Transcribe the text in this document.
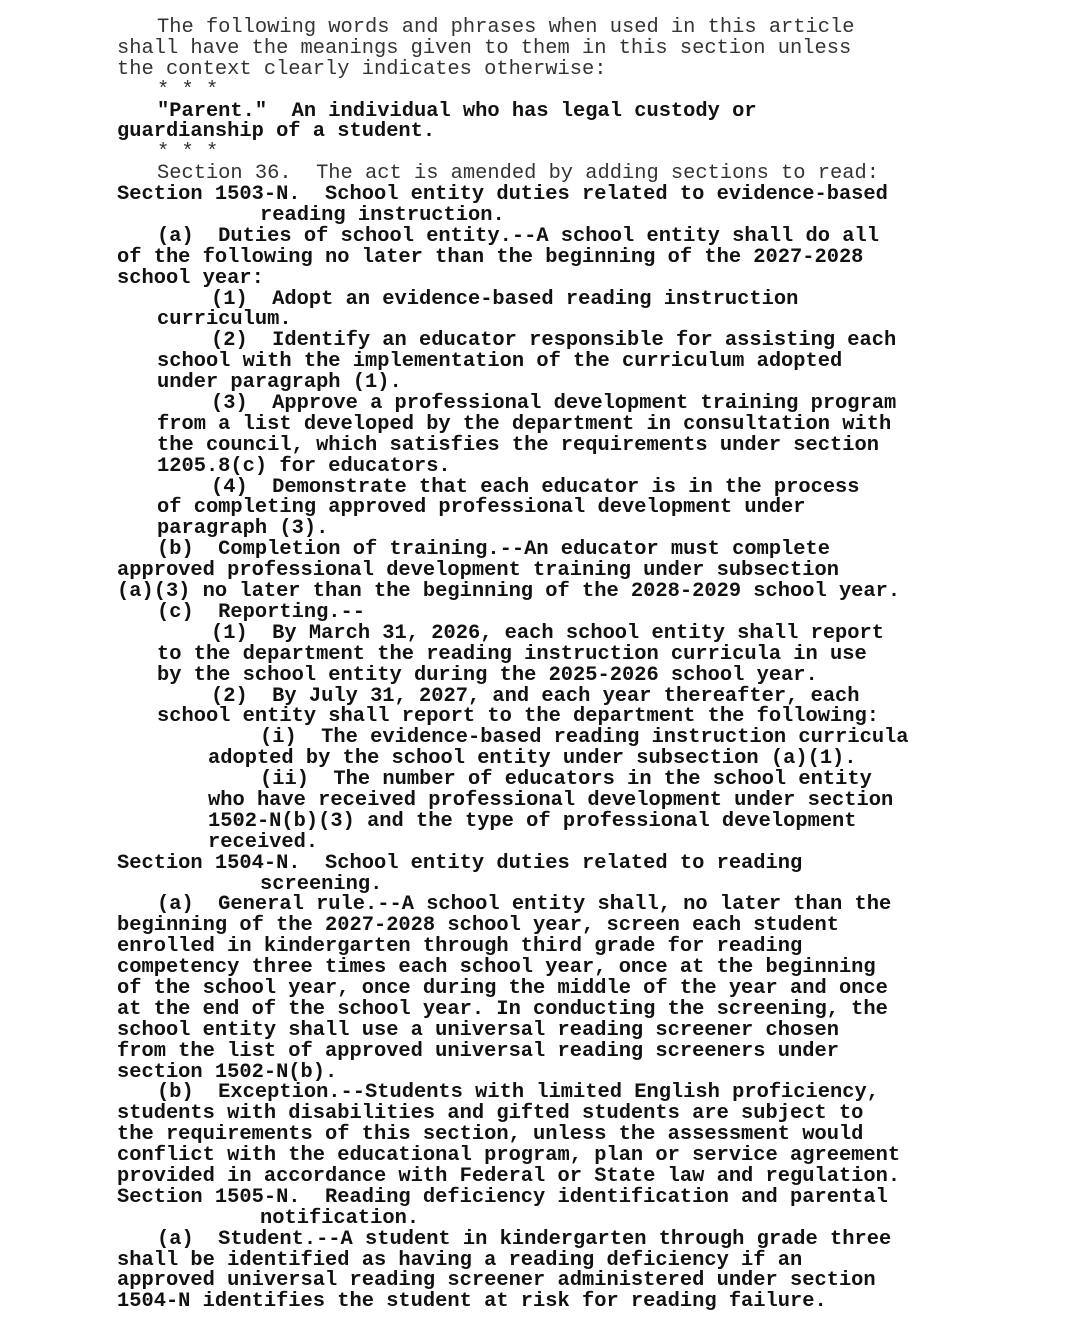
The following words and phrases when used in this article
shall have the meanings given to them in this section unless
the context clearly indicates otherwise:
* * *
"Parent."  An individual who has legal custody or
guardianship of a student.
* * *
Section 36.  The act is amended by adding sections to read:
Section 1503-N.  School entity duties related to evidence-based
reading instruction.
(a)  Duties of school entity.--A school entity shall do all
of the following no later than the beginning of the 2027-2028
school year:
(1)  Adopt an evidence-based reading instruction
curriculum.
(2)  Identify an educator responsible for assisting each
school with the implementation of the curriculum adopted
under paragraph (1).
(3)  Approve a professional development training program
from a list developed by the department in consultation with
the council, which satisfies the requirements under section
1205.8(c) for educators.
(4)  Demonstrate that each educator is in the process
of completing approved professional development under
paragraph (3).
(b)  Completion of training.--An educator must complete
approved professional development training under subsection
(a)(3) no later than the beginning of the 2028-2029 school year.
(c)  Reporting.--
(1)  By March 31, 2026, each school entity shall report
to the department the reading instruction curricula in use
by the school entity during the 2025-2026 school year.
(2)  By July 31, 2027, and each year thereafter, each
school entity shall report to the department the following:
(i)  The evidence-based reading instruction curricula
adopted by the school entity under subsection (a)(1).
(ii)  The number of educators in the school entity
who have received professional development under section
1502-N(b)(3) and the type of professional development
received.
Section 1504-N.  School entity duties related to reading
screening.
(a)  General rule.--A school entity shall, no later than the
beginning of the 2027-2028 school year, screen each student
enrolled in kindergarten through third grade for reading
competency three times each school year, once at the beginning
of the school year, once during the middle of the year and once
at the end of the school year. In conducting the screening, the
school entity shall use a universal reading screener chosen
from the list of approved universal reading screeners under
section 1502-N(b).
(b)  Exception.--Students with limited English proficiency,
students with disabilities and gifted students are subject to
the requirements of this section, unless the assessment would
conflict with the educational program, plan or service agreement
provided in accordance with Federal or State law and regulation.
Section 1505-N.  Reading deficiency identification and parental
notification.
(a)  Student.--A student in kindergarten through grade three
shall be identified as having a reading deficiency if an
approved universal reading screener administered under section
1504-N identifies the student at risk for reading failure.
